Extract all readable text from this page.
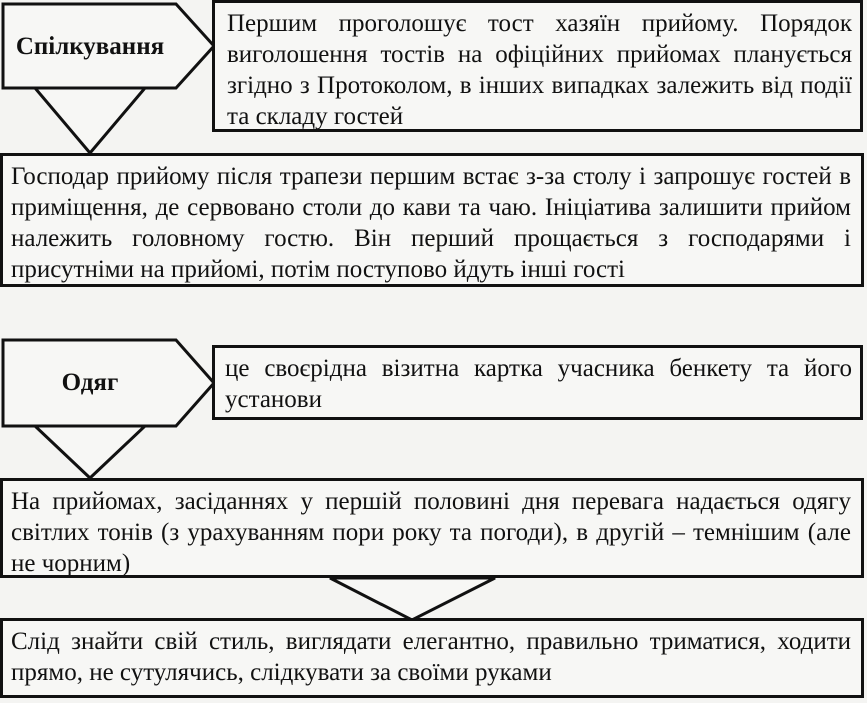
Спілкування

Першим проголошує тост хазяїн прийому. Порядок виголошення тостів на офіційних прийомах планується згідно з Протоколом, в інших випадках залежить від події та складу гостей

Господар прийому після трапези першим встає з-за столу і запрошує гостей в приміщення, де сервовано столи до кави та чаю. Ініціатива залишити прийом належить головному гостю. Він перший прощається з господарями і присутніми на прийомі, потім поступово йдуть інші гості

Одяг

це своєрідна візитна картка учасника бенкету та його установи

На прийомах, засіданнях у першій половині дня перевага надається одягу світлих тонів (з урахуванням пори року та погоди), в другій – темнішим (але не чорним)

Слід знайти свій стиль, виглядати елегантно, правильно триматися, ходити прямо, не сутулячись, слідкувати за своїми руками
